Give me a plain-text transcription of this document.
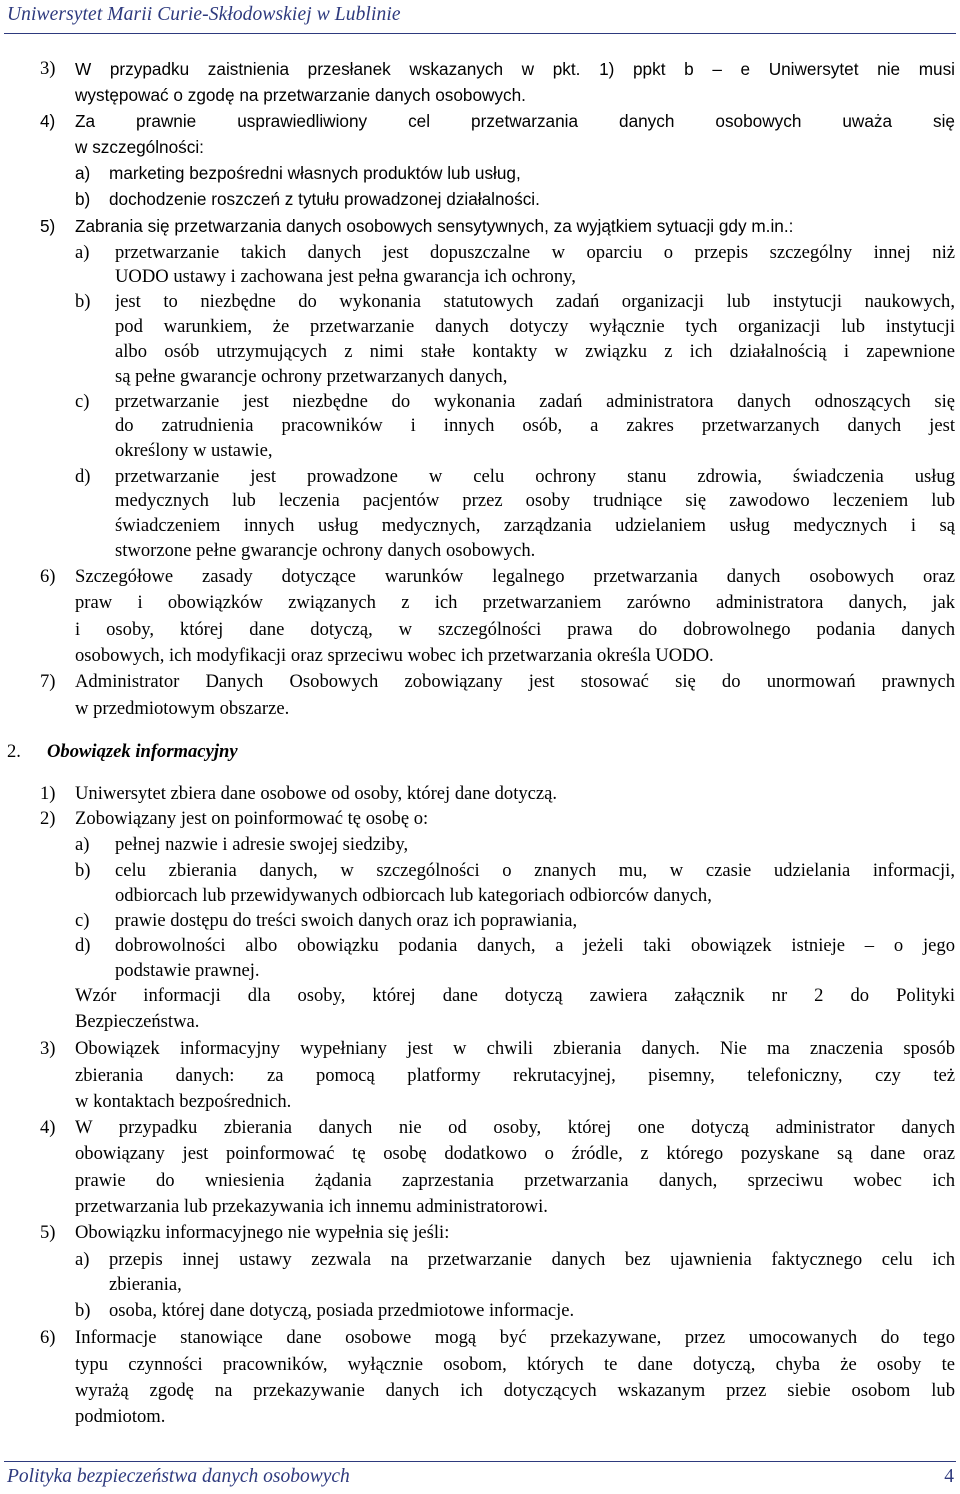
Uniwersytet Marii Curie-Skłodowskiej w Lublinie
3) W przypadku zaistnienia przesłanek wskazanych w pkt. 1) ppkt b – e Uniwersytet nie musi
występować o zgodę na przetwarzanie danych osobowych.
4) Za prawnie usprawiedliwiony cel przetwarzania danych osobowych uważa się
w szczególności:
a) marketing bezpośredni własnych produktów lub usług,
b) dochodzenie roszczeń z tytułu prowadzonej działalności.
5) Zabrania się przetwarzania danych osobowych sensytywnych, za wyjątkiem sytuacji gdy m.in.:
a) przetwarzanie takich danych jest dopuszczalne w oparciu o przepis szczególny innej niż
UODO ustawy i zachowana jest pełna gwarancja ich ochrony,
b) jest to niezbędne do wykonania statutowych zadań organizacji lub instytucji naukowych,
pod warunkiem, że przetwarzanie danych dotyczy wyłącznie tych organizacji lub instytucji
albo osób utrzymujących z nimi stałe kontakty w związku z ich działalnością i zapewnione
są pełne gwarancje ochrony przetwarzanych danych,
c) przetwarzanie jest niezbędne do wykonania zadań administratora danych odnoszących się
do zatrudnienia pracowników i innych osób, a zakres przetwarzanych danych jest
określony w ustawie,
d) przetwarzanie jest prowadzone w celu ochrony stanu zdrowia, świadczenia usług
medycznych lub leczenia pacjentów przez osoby trudniące się zawodowo leczeniem lub
świadczeniem innych usług medycznych, zarządzania udzielaniem usług medycznych i są
stworzone pełne gwarancje ochrony danych osobowych.
6) Szczegółowe zasady dotyczące warunków legalnego przetwarzania danych osobowych oraz
praw i obowiązków związanych z ich przetwarzaniem zarówno administratora danych, jak
i osoby, której dane dotyczą, w szczególności prawa do dobrowolnego podania danych
osobowych, ich modyfikacji oraz sprzeciwu wobec ich przetwarzania określa UODO.
7) Administrator Danych Osobowych zobowiązany jest stosować się do unormowań prawnych
w przedmiotowym obszarze.
2. Obowiązek informacyjny
1) Uniwersytet zbiera dane osobowe od osoby, której dane dotyczą.
2) Zobowiązany jest on poinformować tę osobę o:
a) pełnej nazwie i adresie swojej siedziby,
b) celu zbierania danych, w szczególności o znanych mu, w czasie udzielania informacji,
odbiorcach lub przewidywanych odbiorcach lub kategoriach odbiorców danych,
c) prawie dostępu do treści swoich danych oraz ich poprawiania,
d) dobrowolności albo obowiązku podania danych, a jeżeli taki obowiązek istnieje – o jego
podstawie prawnej.
Wzór informacji dla osoby, której dane dotyczą zawiera załącznik nr 2 do Polityki
Bezpieczeństwa.
3) Obowiązek informacyjny wypełniany jest w chwili zbierania danych. Nie ma znaczenia sposób
zbierania danych: za pomocą platformy rekrutacyjnej, pisemny, telefoniczny, czy też
w kontaktach bezpośrednich.
4) W przypadku zbierania danych nie od osoby, której one dotyczą administrator danych
obowiązany jest poinformować tę osobę dodatkowo o źródle, z którego pozyskane są dane oraz
prawie do wniesienia żądania zaprzestania przetwarzania danych, sprzeciwu wobec ich
przetwarzania lub przekazywania ich innemu administratorowi.
5) Obowiązku informacyjnego nie wypełnia się jeśli:
a) przepis innej ustawy zezwala na przetwarzanie danych bez ujawnienia faktycznego celu ich
zbierania,
b) osoba, której dane dotyczą, posiada przedmiotowe informacje.
6) Informacje stanowiące dane osobowe mogą być przekazywane, przez umocowanych do tego
typu czynności pracowników, wyłącznie osobom, których te dane dotyczą, chyba że osoby te
wyrażą zgodę na przekazywanie danych ich dotyczących wskazanym przez siebie osobom lub
podmiotom.
Polityka bezpieczeństwa danych osobowych	4
